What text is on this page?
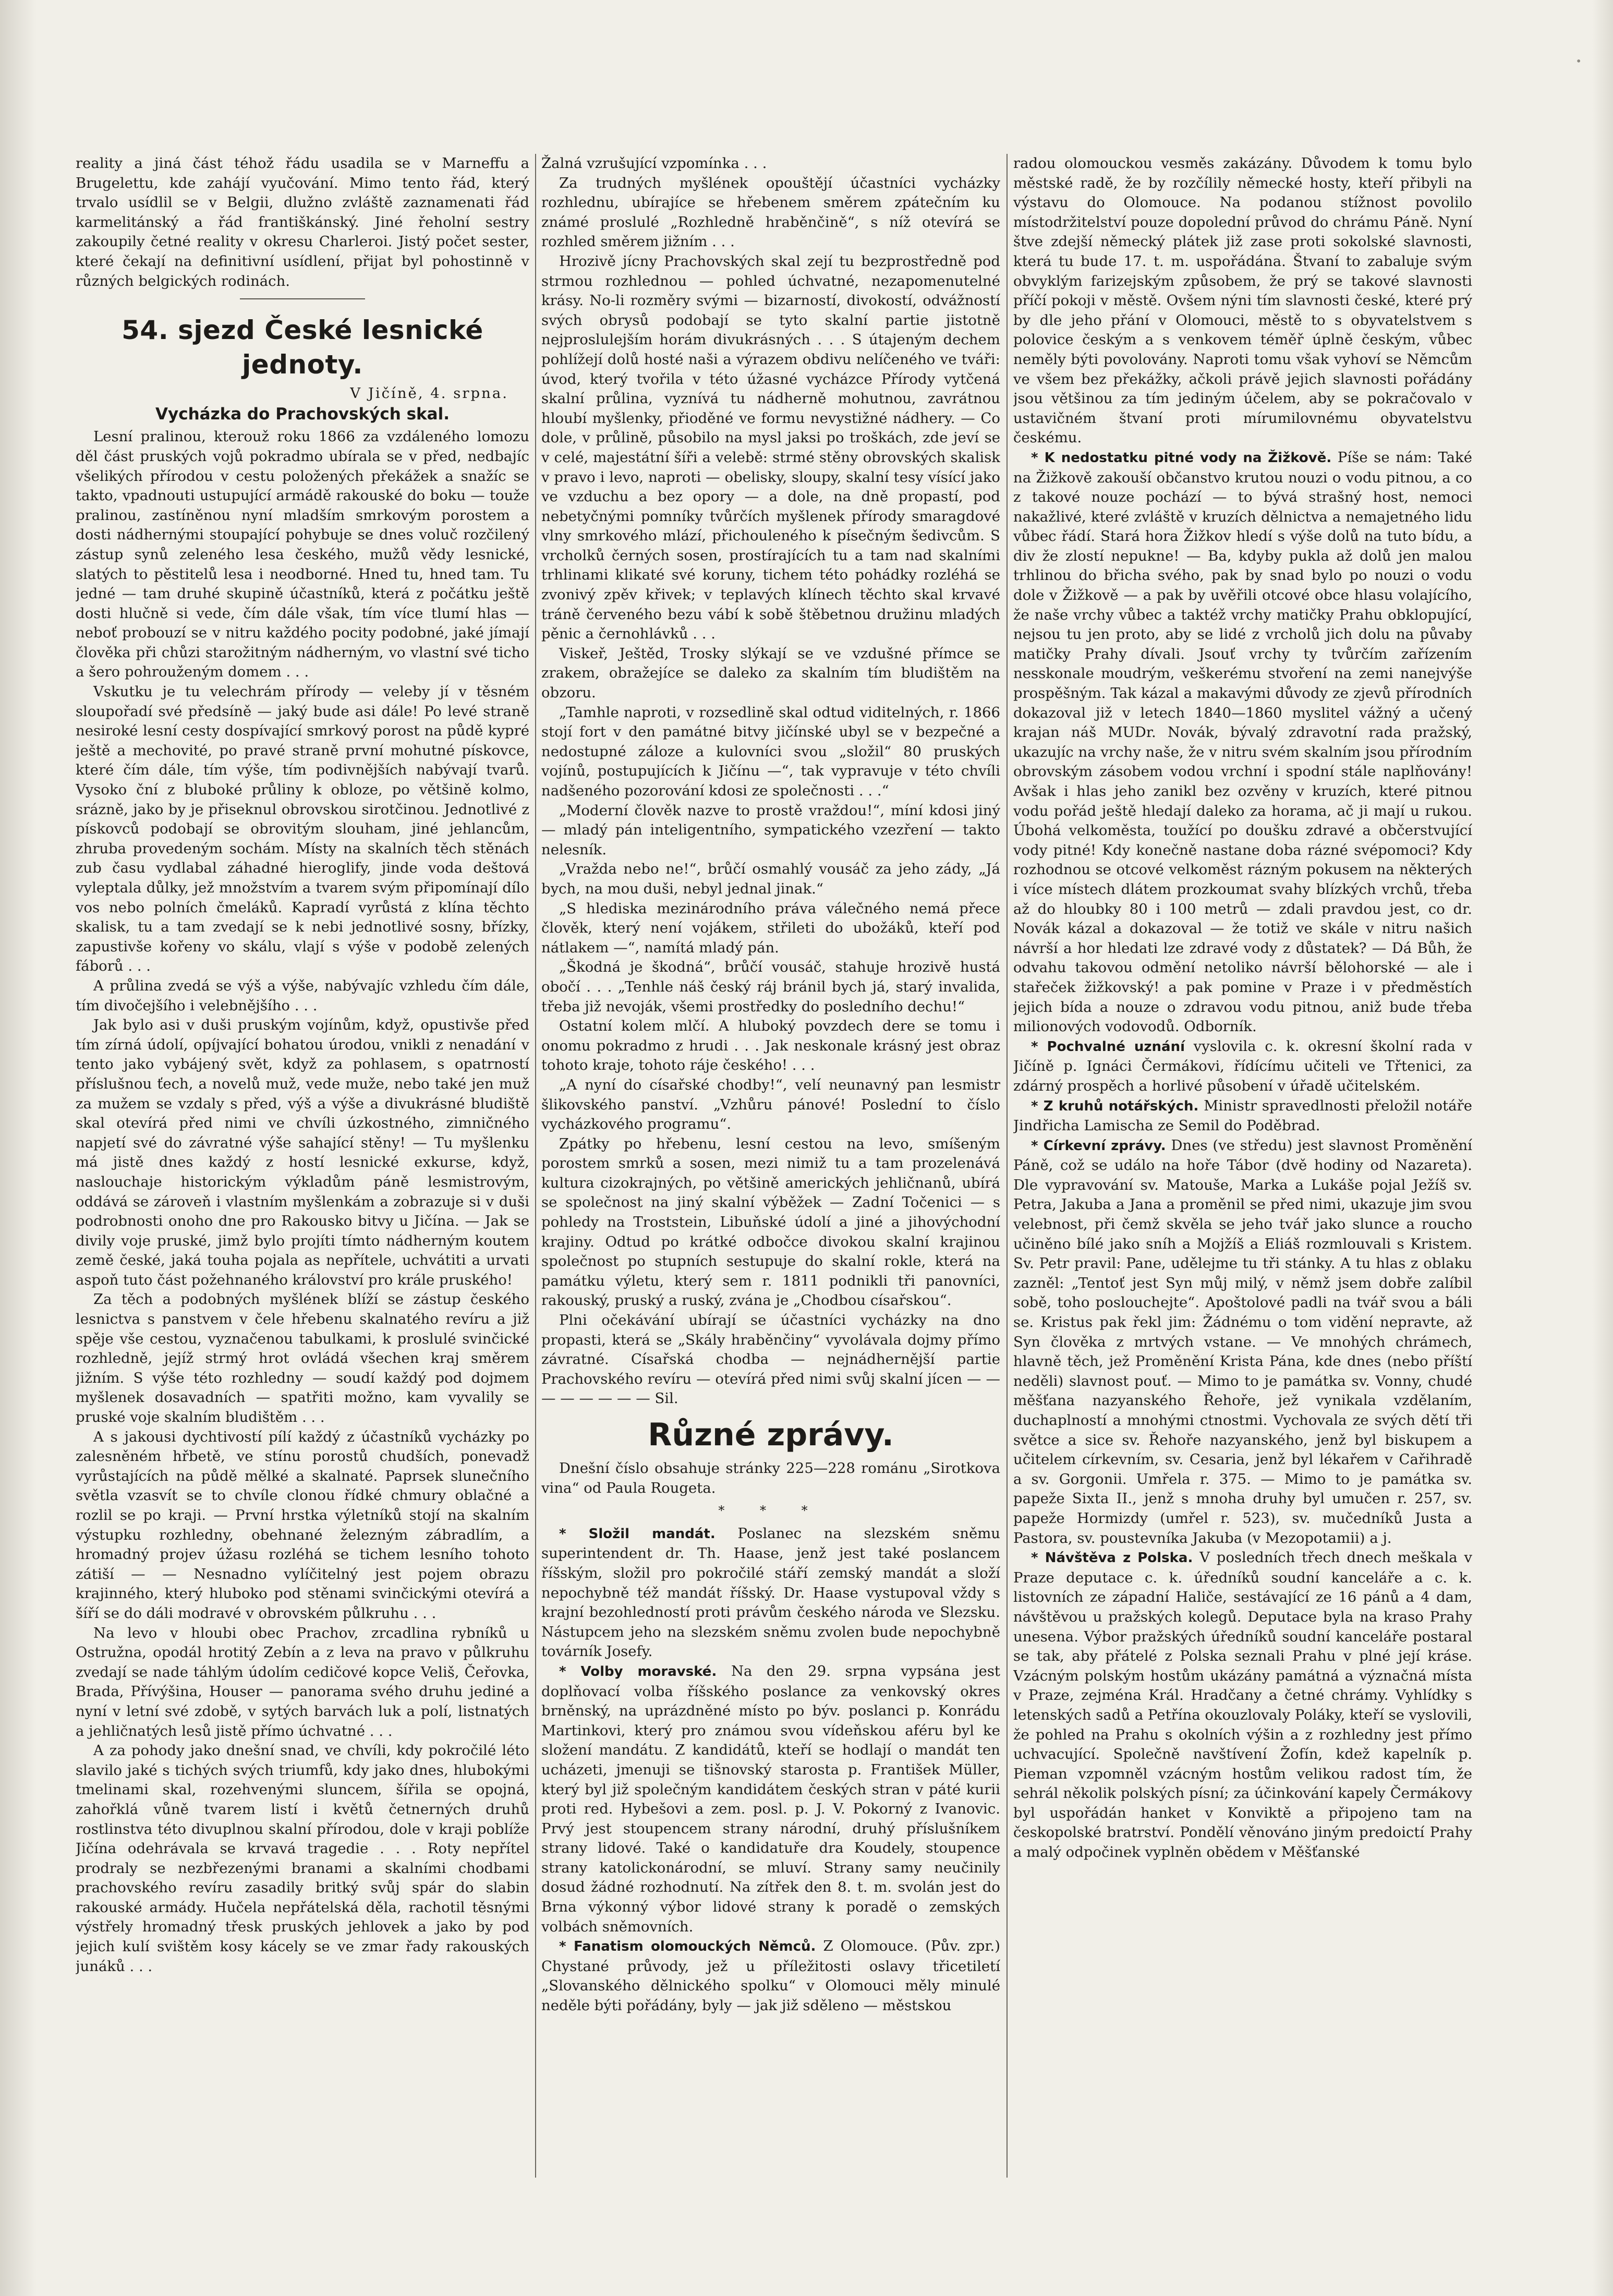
•

reality a jiná část téhož řádu usadila se v Marneffu a Brugelettu, kde zahájí vyučování. Mimo tento řád, který trvalo usídlil se v Belgii, dlužno zvláště zaznamenati řád karmelitánský a řád františkánský. Jiné řeholní sestry zakoupily četné reality v okresu Charleroi. Jistý počet sester, které čekají na definitivní usídlení, přijat byl pohostinně v různých belgických rodinách.

54. sjezd České lesnické jednoty.
V Jičíně, 4. srpna.
Vycházka do Prachovských skal.

Lesní pralinou, kterouž roku 1866 za vzdáleného lomozu děl část pruských vojů pokradmo ubírala se v před, nedbajíc všelikých přírodou v cestu položených překážek a snažíc se takto, vpadnouti ustupující armádě rakouské do boku — touže pralinou, zastíněnou nyní mladším smrkovým porostem a dosti nádhernými stoupající pohybuje se dnes voluč rozčilený zástup synů zeleného lesa českého, mužů vědy lesnické, slatých to pěstitelů lesa i neodborné. Hned tu, hned tam. Tu jedné — tam druhé skupině účastníků, která z počátku ještě dosti hlučně si vede, čím dále však, tím více tlumí hlas — neboť probouzí se v nitru každého pocity podobné, jaké jímají člověka při chůzi starožitným nádherným, vo vlastní své ticho a šero pohrouženým domem . . .

Vskutku je tu velechrám přírody — veleby jí v těsném sloupořadí své předsíně — jaký bude asi dále! Po levé straně nesiroké lesní cesty dospívající smrkový porost na půdě kypré ještě a mechovité, po pravé straně první mohutné pískovce, které čím dále, tím výše, tím podivnějších nabývají tvarů. Vysoko ční z bluboké průliny k obloze, po většině kolmo, srázně, jako by je přiseknul obrovskou sirotčinou. Jednotlivé z pískovců podobají se obrovitým slouham, jiné jehlancům, zhruba provedeným sochám. Místy na skalních těch stěnách zub času vydlabal záhadné hieroglify, jinde voda deštová vyleptala důlky, jež množstvím a tvarem svým připomínají dílo vos nebo polních čmeláků. Kapradí vyrůstá z klína těchto skalisk, tu a tam zvedají se k nebi jednotlivé sosny, břízky, zapustivše kořeny vo skálu, vlají s výše v podobě zelených fáborů . . .

A průlina zvedá se výš a výše, nabývajíc vzhledu čím dále, tím divočejšího i velebnějšího . . .

Jak bylo asi v duši pruským vojínům, když, opustivše před tím zírná údolí, opíjvající bohatou úrodou, vnikli z nenadání v tento jako vybájený svět, když za pohlasem, s opatrností příslušnou ťech, a novelů muž, vede muže, nebo také jen muž za mužem se vzdaly s před, výš a výše a divukrásné bludiště skal otevírá před nimi ve chvíli úzkostného, zimničného napjetí své do závratné výše sahající stěny! — Tu myšlenku má jistě dnes každý z hostí lesnické exkurse, když, naslouchaje historickým výkladům páně lesmistrovým, oddává se zároveň i vlastním myšlenkám a zobrazuje si v duši podrobnosti onoho dne pro Rakousko bitvy u Jičína. — Jak se divily voje pruské, jimž bylo projíti tímto nádherným koutem země české, jaká touha pojala as nepřítele, uchvátiti a urvati aspoň tuto část požehnaného království pro krále pruského!

Za těch a podobných myšlének blíží se zástup českého lesnictva s panstvem v čele hřebenu skalnatého revíru a již spěje vše cestou, vyznačenou tabulkami, k proslulé svinčické rozhledně, jejíž strmý hrot ovládá všechen kraj směrem jižním. S výše této rozhledny — soudí každý pod dojmem myšlenek dosavadních — spatřiti možno, kam vyvalily se pruské voje skalním bludištěm . . .

A s jakousi dychtivostí pílí každý z účastníků vycházky po zalesněném hřbetě, ve stínu porostů chudších, ponevadž vyrůstajících na půdě mělké a skalnaté. Paprsek slunečního světla vzasvít se to chvíle clonou řídké chmury oblačné a rozlil se po kraji. — První hrstka výletníků stojí na skalním výstupku rozhledny, obehnané železným zábradlím, a hromadný projev úžasu rozléhá se tichem lesního tohoto zátiší — — Nesnadno vylíčitelný jest pojem obrazu krajinného, který hluboko pod stěnami svinčickými otevírá a šíří se do dáli modravé v obrovském půlkruhu . . .

Na levo v hloubi obec Prachov, zrcadlina rybníků u Ostružna, opodál hrotitý Zebín a z leva na pravo v půlkruhu zvedají se nade táhlým údolím cedičové kopce Veliš, Čeřovka, Brada, Přívýšina, Houser — panorama svého druhu jediné a nyní v letní své zdobě, v sytých barvách luk a polí, listnatých a jehličnatých lesů jistě přímo úchvatné . . .

A za pohody jako dnešní snad, ve chvíli, kdy pokročilé léto slavilo jaké s tichých svých triumfů, kdy jako dnes, hlubokými tmelinami skal, rozehvenými sluncem, šířila se opojná, zahořklá vůně tvarem listí i květů četnerných druhů rostlinstva této divuplnou skalní přírodou, dole v kraji poblíže Jičína odehrávala se krvavá tragedie . . . Roty nepřítel prodraly se nezbřezenými branami a skalními chodbami prachovského revíru zasadily britký svůj spár do slabin rakouské armády. Hučela nepřátelská děla, rachotil těsnými výstřely hromadný třesk pruských jehlovek a jako by pod jejich kulí svištěm kosy kácely se ve zmar řady rakouských junáků . . .

Žalná vzrušující vzpomínka . . .

Za trudných myšlének opouštějí účastníci vycházky rozhlednu, ubírajíce se hřebenem směrem zpátečním ku známé proslulé „Rozhledně hraběnčině“, s níž otevírá se rozhled směrem jižním . . .

Hrozivě jícny Prachovských skal zejí tu bezprostředně pod strmou rozhlednou — pohled úchvatné, nezapomenutelné krásy. No-li rozměry svými — bizarností, divokostí, odvážností svých obrysů podobají se tyto skalní partie jistotně nejproslulejším horám divukrásných . . . S útajeným dechem pohlížejí dolů hosté naši a výrazem obdivu nelíčeného ve tváři: úvod, který tvořila v této úžasné vycházce Přírody vytčená skalní průlina, vyznívá tu nádherně mohutnou, zavrátnou hloubí myšlenky, přioděné ve formu nevystižné nádhery. — Co dole, v průlině, působilo na mysl jaksi po troškách, zde jeví se v celé, majestátní šíři a velebě: strmé stěny obrovských skalisk v pravo i levo, naproti — obelisky, sloupy, skalní tesy vísící jako ve vzduchu a bez opory — a dole, na dně propastí, pod nebetyčnými pomníky tvůrčích myšlenek přírody smaragdové vlny smrkového mlází, přichouleného k písečným šedivcům. S vrcholků černých sosen, prostírajících tu a tam nad skalními trhlinami klikaté své koruny, tichem této pohádky rozléhá se zvonivý zpěv křivek; v teplavých klínech těchto skal krvavé tráně červeného bezu vábí k sobě štěbetnou družinu mladých pěnic a černohlávků . . .

Viskeř, Ještěd, Trosky slýkají se ve vzdušné přímce se zrakem, obražejíce se daleko za skalním tím bludištěm na obzoru.

„Tamhle naproti, v rozsedlině skal odtud viditelných, r. 1866 stojí fort v den památné bitvy jičínské ubyl se v bezpečné a nedostupné záloze a kulovníci svou „složil“ 80 pruských vojínů, postupujících k Jičínu —“, tak vypravuje v této chvíli nadšeného pozorování kdosi ze společnosti . . .“

„Moderní člověk nazve to prostě vraždou!“, míní kdosi jiný — mladý pán inteligentního, sympatického vzezření — takto nelesník.

„Vražda nebo ne!“, brůčí osmahlý vousáč za jeho zády, „Já bych, na mou duši, nebyl jednal jinak.“

„S hlediska mezinárodního práva válečného nemá přece člověk, který není vojákem, střileti do ubožáků, kteří pod nátlakem —“, namítá mladý pán.

„Škodná je škodná“, brůčí vousáč, stahuje hrozivě hustá obočí . . . „Tenhle náš český ráj bránil bych já, starý invalida, třeba již nevoják, všemi prostředky do posledního dechu!“

Ostatní kolem mlčí. A hluboký povzdech dere se tomu i onomu pokradmo z hrudi . . . Jak neskonale krásný jest obraz tohoto kraje, tohoto ráje českého! . . .

„A nyní do císařské chodby!“, velí neunavný pan lesmistr šlikovského panství. „Vzhůru pánové! Poslední to číslo vycházkového programu“.

Zpátky po hřebenu, lesní cestou na levo, smíšeným porostem smrků a sosen, mezi nimiž tu a tam prozelenává kultura cizokrajných, po většině amerických jehličnanů, ubírá se společnost na jiný skalní výběžek — Zadní Točenici — s pohledy na Troststein, Libuňské údolí a jiné a jihovýchodní krajiny. Odtud po krátké odbočce divokou skalní krajinou společnost po stupních sestupuje do skalní rokle, která na památku výletu, který sem r. 1811 podnikli tři panovníci, rakouský, pruský a ruský, zvána je „Chodbou císařskou“.

Plni očekávání ubírají se účastníci vycházky na dno propasti, která se „Skály hraběnčiny“ vyvolávala dojmy přímo závratné. Císařská chodba — nejnádhernější partie Prachovského revíru — otevírá před nimi svůj skalní jícen — — — — — — — — Sil.

Různé zprávy.

Dnešní číslo obsahuje stránky 225—228 románu „Sirotkova vina“ od Paula Rougeta.

* * *

* Složil mandát. Poslanec na slezském sněmu superintendent dr. Th. Haase, jenž jest také poslancem říšským, složil pro pokročilé stáří zemský mandát a složí nepochybně též mandát říšský. Dr. Haase vystupoval vždy s krajní bezohledností proti právům českého národa ve Slezsku. Nástupcem jeho na slezském sněmu zvolen bude nepochybně továrník Josefy.

* Volby moravské. Na den 29. srpna vypsána jest doplňovací volba říšského poslance za venkovský okres brněnský, na uprázdněné místo po býv. poslanci p. Konrádu Martinkovi, který pro známou svou vídeňskou aféru byl ke složení mandátu. Z kandidátů, kteří se hodlají o mandát ten ucházeti, jmenuji se tišnovský starosta p. František Müller, který byl již společným kandidátem českých stran v páté kurii proti red. Hybešovi a zem. posl. p. J. V. Pokorný z Ivanovic. Prvý jest stoupencem strany národní, druhý příslušníkem strany lidové. Také o kandidatuře dra Koudely, stoupence strany katolickonárodní, se mluví. Strany samy neučinily dosud žádné rozhodnutí. Na zítřek den 8. t. m. svolán jest do Brna výkonný výbor lidové strany k poradě o zemských volbách sněmovních.

* Fanatism olomouckých Němců. Z Olomouce. (Pův. zpr.) Chystané průvody, jež u příležitosti oslavy třicetiletí „Slovanského dělnického spolku“ v Olomouci měly minulé neděle býti pořádány, byly — jak již sděleno — městskou

radou olomouckou vesměs zakázány. Důvodem k tomu bylo městské radě, že by rozčílily německé hosty, kteří přibyli na výstavu do Olomouce. Na podanou stížnost povolilo místodržitelství pouze dopolední průvod do chrámu Páně. Nyní štve zdejší německý plátek již zase proti sokolské slavnosti, která tu bude 17. t. m. uspořádána. Štvaní to zabaluje svým obvyklým farizejským způsobem, že prý se takové slavnosti příčí pokoji v městě. Ovšem nýni tím slavnosti české, které prý by dle jeho přání v Olomouci, městě to s obyvatelstvem s polovice českým a s venkovem téměř úplně českým, vůbec neměly býti povolovány. Naproti tomu však vyhoví se Němcům ve všem bez překážky, ačkoli právě jejich slavnosti pořádány jsou většinou za tím jediným účelem, aby se pokračovalo v ustavičném štvaní proti mírumilovnému obyvatelstvu českému.

* K nedostatku pitné vody na Žižkově. Píše se nám: Také na Žižkově zakouší občanstvo krutou nouzi o vodu pitnou, a co z takové nouze pochází — to bývá strašný host, nemoci nakažlivé, které zvláště v kruzích dělnictva a nemajetného lidu vůbec řádí. Stará hora Žižkov hledí s výše dolů na tuto bídu, a div že zlostí nepukne! — Ba, kdyby pukla až dolů jen malou trhlinou do břicha svého, pak by snad bylo po nouzi o vodu dole v Žižkově — a pak by uvěřili otcové obce hlasu volajícího, že naše vrchy vůbec a taktéž vrchy matičky Prahu obklopující, nejsou tu jen proto, aby se lidé z vrcholů jich dolu na půvaby matičky Prahy dívali. Jsouť vrchy ty tvůrčím zařízením nesskonale moudrým, veškerému stvoření na zemi nanejvýše prospěšným. Tak kázal a makavými důvody ze zjevů přírodních dokazoval již v letech 1840—1860 myslitel vážný a učený krajan náš MUDr. Novák, bývalý zdravotní rada pražský, ukazujíc na vrchy naše, že v nitru svém skalním jsou přírodním obrovským zásobem vodou vrchní i spodní stále naplňovány! Avšak i hlas jeho zanikl bez ozvěny v kruzích, které pitnou vodu pořád ještě hledají daleko za horama, ač ji mají u rukou. Úbohá velkoměsta, toužící po doušku zdravé a občerstvující vody pitné! Kdy konečně nastane doba rázné svépomoci? Kdy rozhodnou se otcové velkoměst rázným pokusem na některých i více místech dlátem prozkoumat svahy blízkých vrchů, třeba až do hloubky 80 i 100 metrů — zdali pravdou jest, co dr. Novák kázal a dokazoval — že totiž ve skále v nitru našich návrší a hor hledati lze zdravé vody z důstatek? — Dá Bůh, že odvahu takovou odmění netoliko návrší bělohorské — ale i stařeček žižkovský! a pak pomine v Praze i v předměstích jejich bída a nouze o zdravou vodu pitnou, aniž bude třeba milionových vodovodů. Odborník.

* Pochvalné uznání vyslovila c. k. okresní školní rada v Jičíně p. Ignáci Čermákovi, řídícímu učiteli ve Třtenici, za zdárný prospěch a horlivé působení v úřadě učitelském.

* Z kruhů notářských. Ministr spravedlnosti přeložil notáře Jindřicha Lamischa ze Semil do Poděbrad.

* Církevní zprávy. Dnes (ve středu) jest slavnost Proměnění Páně, což se událo na hoře Tábor (dvě hodiny od Nazareta). Dle vypravování sv. Matouše, Marka a Lukáše pojal Ježíš sv. Petra, Jakuba a Jana a proměnil se před nimi, ukazuje jim svou velebnost, při čemž skvěla se jeho tvář jako slunce a roucho učiněno bílé jako sníh a Mojžíš a Eliáš rozmlouvali s Kristem. Sv. Petr pravil: Pane, udělejme tu tři stánky. A tu hlas z oblaku zazněl: „Tentoť jest Syn můj milý, v němž jsem dobře zalíbil sobě, toho poslouchejte“. Apoštolové padli na tvář svou a báli se. Kristus pak řekl jim: Žádnému o tom vidění nepravte, až Syn člověka z mrtvých vstane. — Ve mnohých chrámech, hlavně těch, jež Proměnění Krista Pána, kde dnes (nebo příští neděli) slavnost pouť. — Mimo to je památka sv. Vonny, chudé měšťana nazyanského Řehoře, jež vynikala vzdělaním, duchaplností a mnohými ctnostmi. Vychovala ze svých dětí tři světce a sice sv. Řehoře nazyanského, jenž byl biskupem a učitelem církevním, sv. Cesaria, jenž byl lékařem v Cařihradě a sv. Gorgonii. Umřela r. 375. — Mimo to je památka sv. papeže Sixta II., jenž s mnoha druhy byl umučen r. 257, sv. papeže Hormizdy (umřel r. 523), sv. mučedníků Justa a Pastora, sv. poustevníka Jakuba (v Mezopotamii) a j.

* Návštěva z Polska. V posledních třech dnech meškala v Praze deputace c. k. úředníků soudní kanceláře a c. k. listovních ze západní Haliče, sestávající ze 16 pánů a 4 dam, návštěvou u pražských kolegů. Deputace byla na kraso Prahy unesena. Výbor pražských úředníků soudní kanceláře postaral se tak, aby přátelé z Polska seznali Prahu v plné její kráse. Vzácným polským hostům ukázány památná a význačná místa v Praze, zejména Král. Hradčany a četné chrámy. Vyhlídky s letenských sadů a Petřína okouzlovaly Poláky, kteří se vyslovili, že pohled na Prahu s okolních výšin a z rozhledny jest přímo uchvacující. Společně navštívení Žofín, kdež kapelník p. Pieman vzpomněl vzácným hostům velikou radost tím, že sehrál několik polských písní; za účinkování kapely Čermákovy byl uspořádán hanket v Konviktě a připojeno tam na českopolské bratrství. Pondělí věnováno jiným predoictí Prahy a malý odpočinek vyplněn obědem v Měšťanské
